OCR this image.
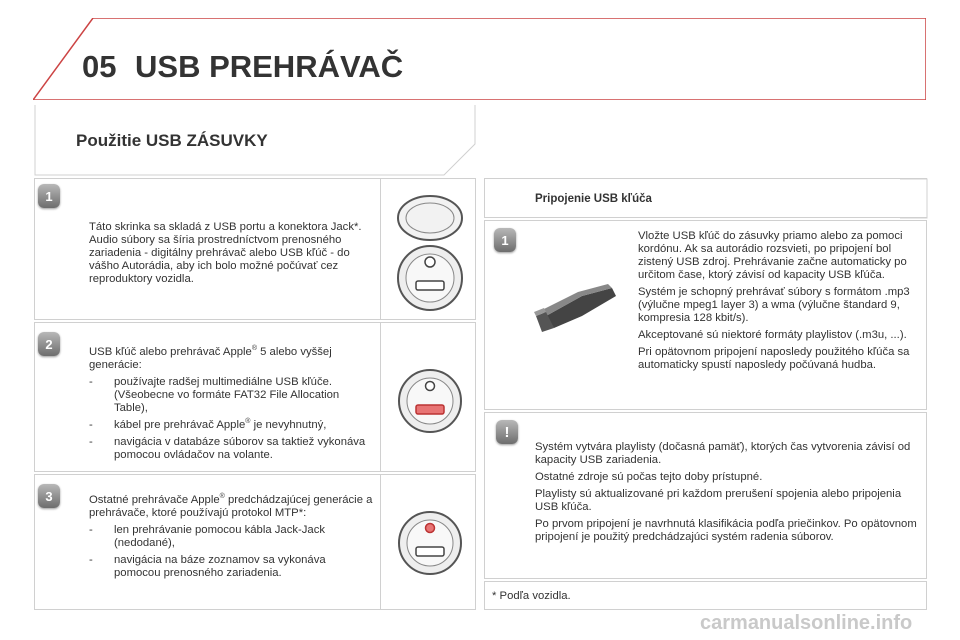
05 USB PREHRÁVAČ
Použitie USB ZÁSUVKY
1
Táto skrinka sa skladá z USB portu a konektora Jack*. Audio súbory sa šíria prostredníctvom prenosného zariadenia - digitálny prehrávač alebo USB kľúč - do vášho Autorádia, aby ich bolo možné počúvať cez reproduktory vozidla.
2

USB kľúč alebo prehrávač Apple® 5 alebo vyššej generácie:

- používajte radšej multimediálne USB kľúče. (Všeobecne vo formáte FAT32 File Allocation Table),
- kábel pre prehrávač Apple® je nevyhnutný,
- navigácia v databáze súborov sa taktiež vykonáva pomocou ovládačov na volante.
3	Ostatné prehrávače Apple® predchádzajúcej generácie a prehrávače, ktoré používajú protokol MTP*:

- len prehrávanie pomocou kábla Jack-Jack (nedodané),
- navigácia na báze zoznamov sa vykonáva pomocou prenosného zariadenia.
Pripojenie USB kľúča
1	Vložte USB kľúč do zásuvky priamo alebo za pomoci kordónu. Ak sa autorádio rozsvieti, po pripojení bol zistený USB zdroj. Prehrávanie začne automaticky po určitom čase, ktorý závisí od kapacity USB kľúča.

Systém je schopný prehrávať súbory s formátom .mp3 (výlučne mpeg1 layer 3) a wma (výlučne štandard 9, kompresia 128 kbit/s).

Akceptované sú niektoré formáty playlistov (.m3u, ...).

Pri opätovnom pripojení naposledy použitého kľúča sa automaticky spustí naposledy počúvaná hudba.

!

Systém vytvára playlisty (dočasná pamäť), ktorých čas vytvorenia závisí od kapacity USB zariadenia.

Ostatné zdroje sú počas tejto doby prístupné.

Playlisty sú aktualizované pri každom prerušení spojenia alebo pripojenia USB kľúča.

Po prvom pripojení je navrhnutá klasifikácia podľa priečinkov. Po opätovnom pripojení je použitý predchádzajúci systém radenia súborov.

* Podľa vozidla.
carmanualsonline.info
